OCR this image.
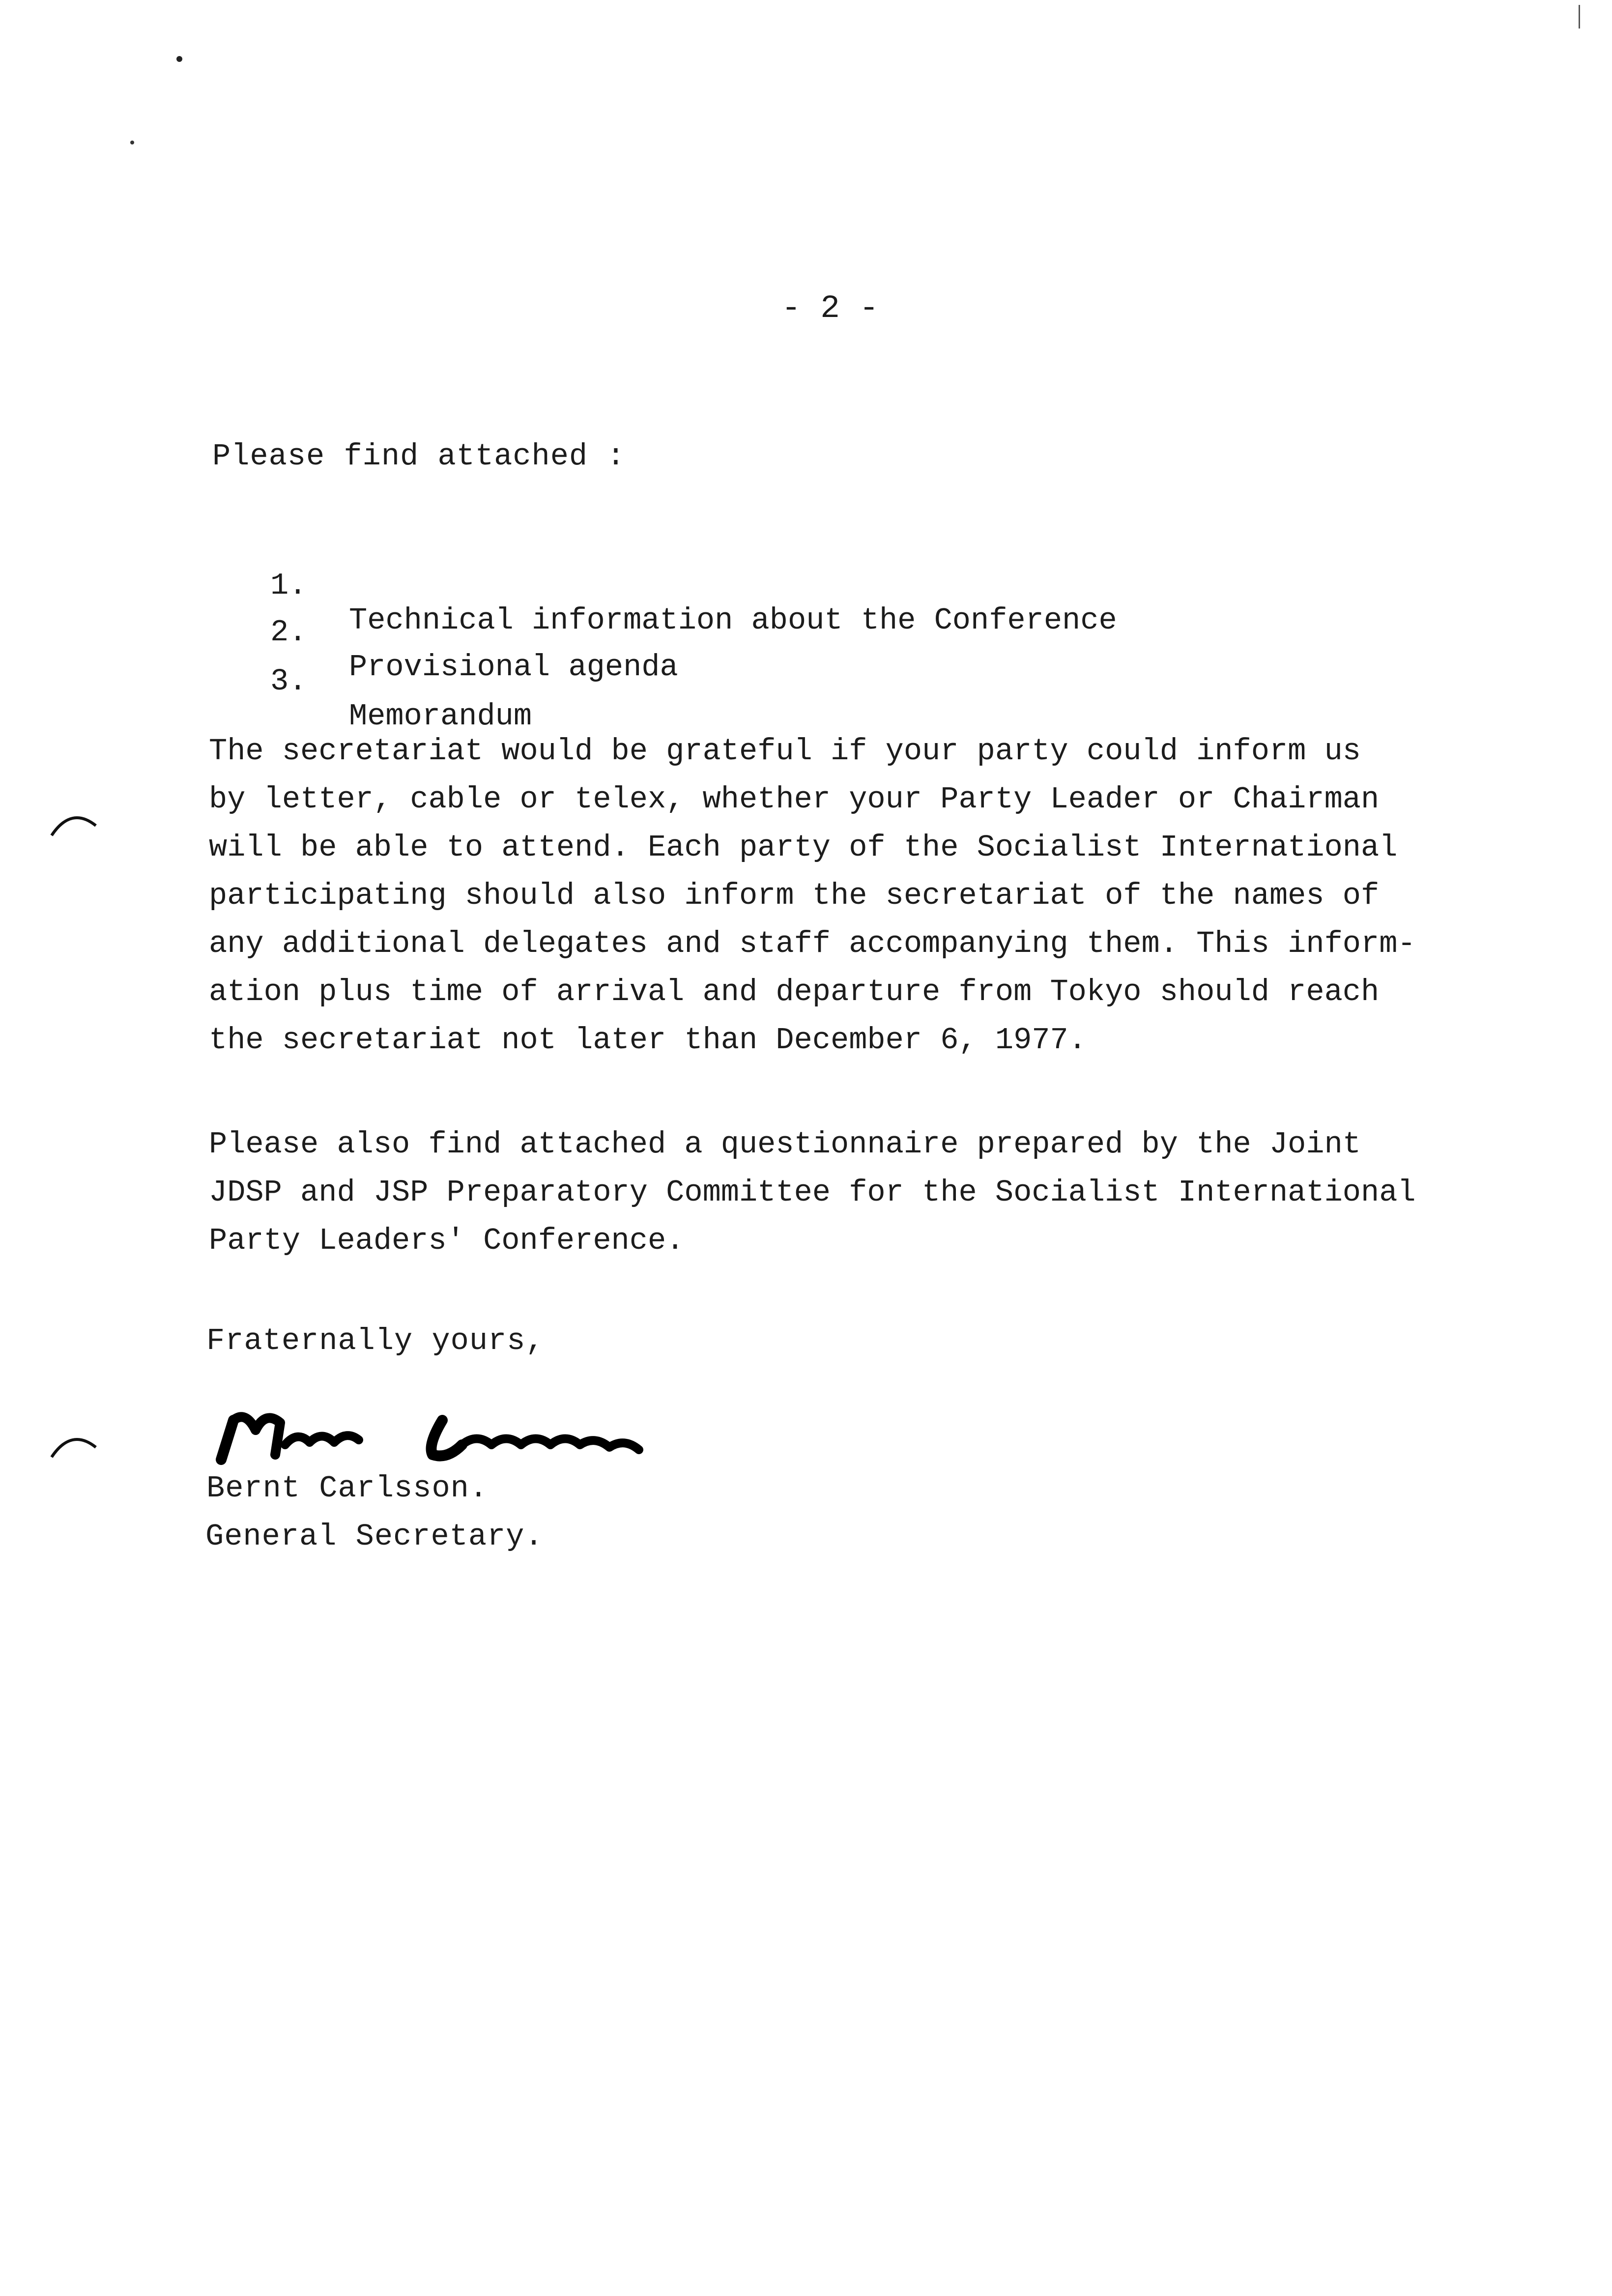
- 2 -
Please find attached :

1.

Technical information about the Conference

2.

Provisional agenda

3.

Memorandum

The secretariat would be grateful if your party could inform us
by letter, cable or telex, whether your Party Leader or Chairman
will be able to attend. Each party of the Socialist International
participating should also inform the secretariat of the names of
any additional delegates and staff accompanying them. This inform-
ation plus time of arrival and departure from Tokyo should reach
the secretariat not later than December 6, 1977.
Please also find attached a questionnaire prepared by the Joint
JDSP and JSP Preparatory Committee for the Socialist International
Party Leaders' Conference.
Fraternally yours,
Bernt Carlsson.
General Secretary.
